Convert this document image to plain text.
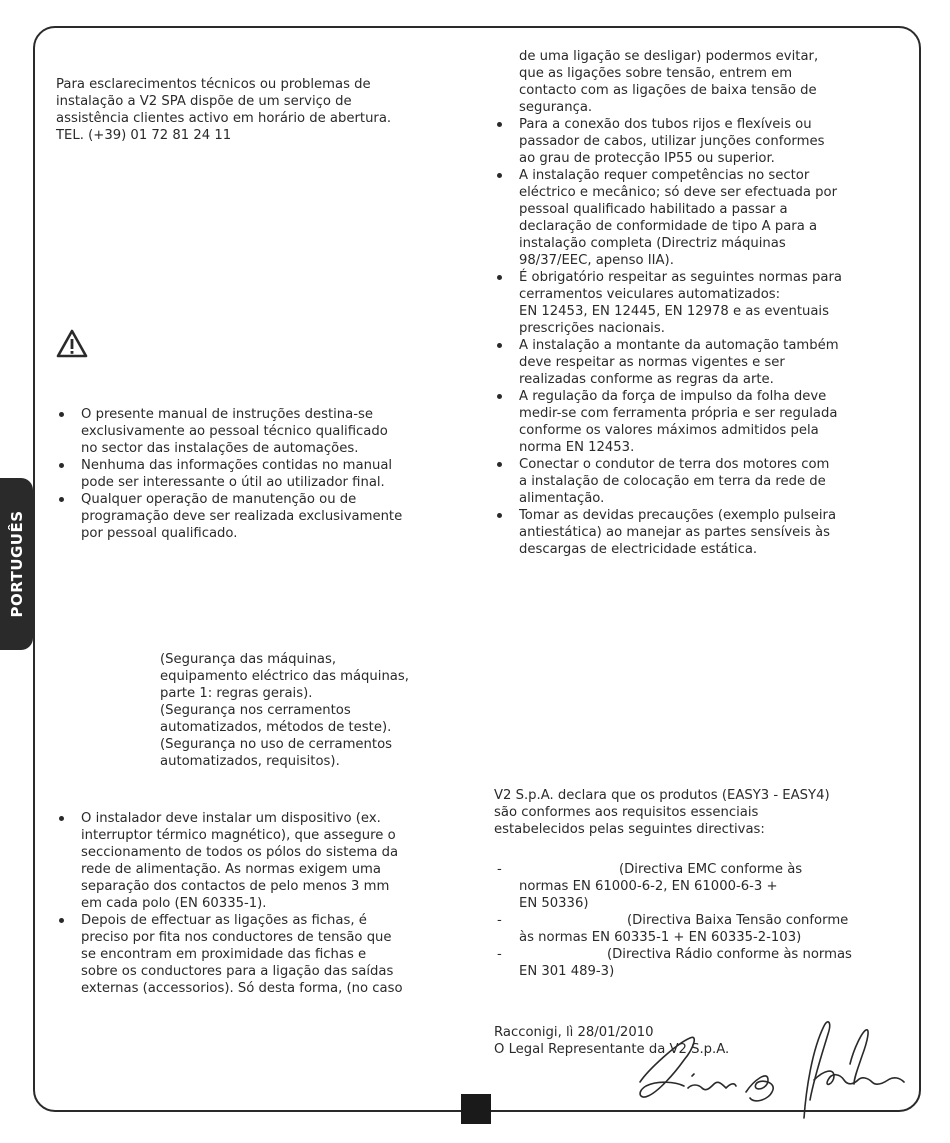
PORTUGUÊS

Para esclarecimentos técnicos ou problemas de

instalação a V2 SPA dispõe de um serviço de

assistência clientes activo em horário de abertura.

TEL. (+39) 01 72 81 24 11

O presente manual de instruções destina-se

exclusivamente ao pessoal técnico qualificado

no sector das instalações de automações.

Nenhuma das informações contidas no manual

pode ser interessante o útil ao utilizador final.

Qualquer operação de manutenção ou de

programação deve ser realizada exclusivamente

por pessoal qualificado.

(Segurança das máquinas,

equipamento eléctrico das máquinas,

parte 1: regras gerais).

(Segurança nos cerramentos

automatizados, métodos de teste).

(Segurança no uso de cerramentos

automatizados, requisitos).

O instalador deve instalar um dispositivo (ex.

interruptor térmico magnético), que assegure o

seccionamento de todos os pólos do sistema da

rede de alimentação. As normas exigem uma

separação dos contactos de pelo menos 3 mm

em cada polo (EN 60335-1).

Depois de effectuar as ligações as fichas, é

preciso por fita nos conductores de tensão que

se encontram em proximidade das fichas e

sobre os conductores para a ligação das saídas

externas (accessorios). Só desta forma, (no caso

de uma ligação se desligar) podermos evitar,

que as ligações sobre tensão, entrem em

contacto com as ligações de baixa tensão de

segurança.

Para a conexão dos tubos rijos e flexíveis ou

passador de cabos, utilizar junções conformes

ao grau de protecção IP55 ou superior.

A instalação requer competências no sector

eléctrico e mecânico; só deve ser efectuada por

pessoal qualificado habilitado a passar a

declaração de conformidade de tipo A para a

instalação completa (Directriz máquinas

98/37/EEC, apenso IIA).

É obrigatório respeitar as seguintes normas para

cerramentos veiculares automatizados:

EN 12453, EN 12445, EN 12978 e as eventuais

prescrições nacionais.

A instalação a montante da automação também

deve respeitar as normas vigentes e ser

realizadas conforme as regras da arte.

A regulação da força de impulso da folha deve

medir-se com ferramenta própria e ser regulada

conforme os valores máximos admitidos pela

norma EN 12453.

Conectar o condutor de terra dos motores com

a instalação de colocação em terra da rede de

alimentação.

Tomar as devidas precauções (exemplo pulseira

antiestática) ao manejar as partes sensíveis às

descargas de electricidade estática.

V2 S.p.A. declara que os produtos (EASY3 - EASY4)

são conformes aos requisitos essenciais

estabelecidos pelas seguintes directivas:

-	(Directiva EMC conforme às

normas EN 61000-6-2, EN 61000-6-3 +

EN 50336)

-	(Directiva Baixa Tensão conforme

às normas EN 60335-1 + EN 60335-2-103)

-	(Directiva Rádio conforme às normas

EN 301 489-3)

Racconigi, lì 28/01/2010

O Legal Representante da V2 S.p.A.
